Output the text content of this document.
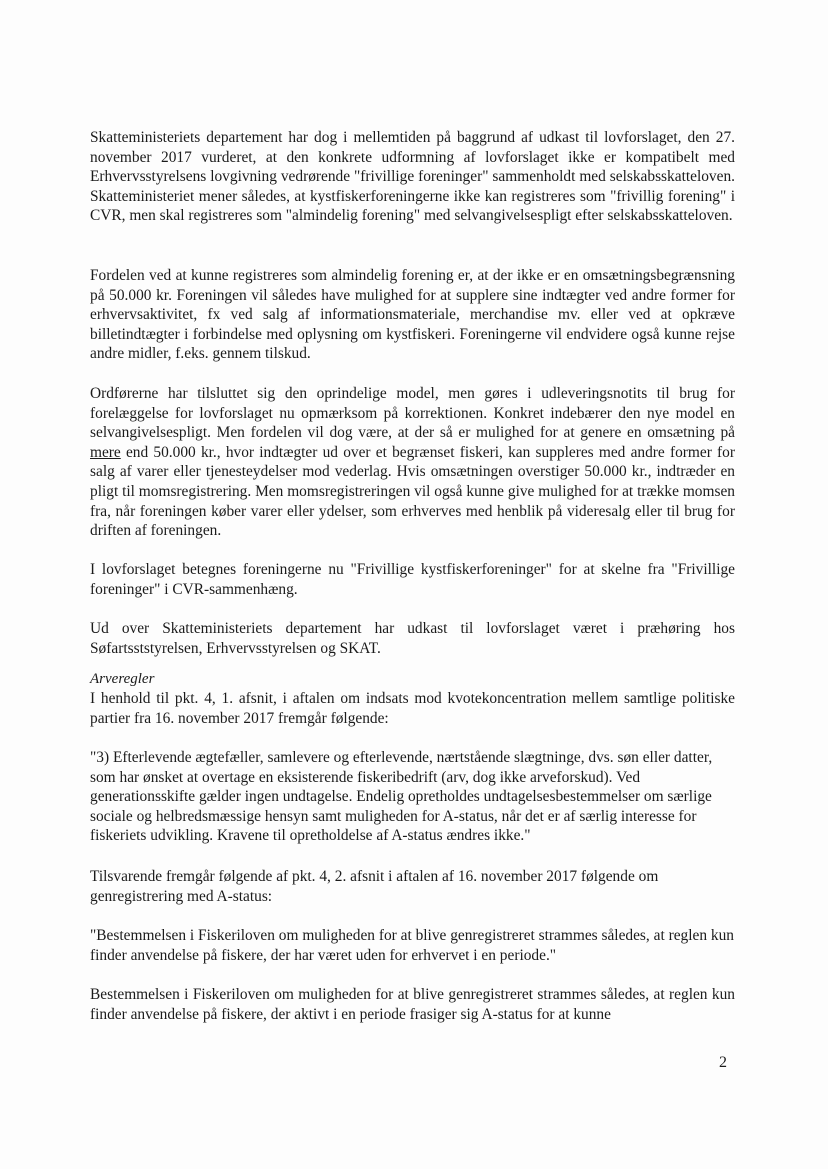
Skatteministeriets departement har dog i mellemtiden på baggrund af udkast til lovforslaget, den 27. november 2017 vurderet, at den konkrete udformning af lovforslaget ikke er kompatibelt med Erhvervsstyrelsens lovgivning vedrørende "frivillige foreninger" sammenholdt med selskabsskatteloven. Skatteministeriet mener således, at kystfiskerforeningerne ikke kan registreres som "frivillig forening" i CVR, men skal registreres som "almindelig forening" med selvangivelsespligt efter selskabsskatteloven.

Fordelen ved at kunne registreres som almindelig forening er, at der ikke er en omsætningsbegrænsning på 50.000 kr. Foreningen vil således have mulighed for at supplere sine indtægter ved andre former for erhvervsaktivitet, fx ved salg af informationsmateriale, merchandise mv. eller ved at opkræve billetindtægter i forbindelse med oplysning om kystfiskeri. Foreningerne vil endvidere også kunne rejse andre midler, f.eks. gennem tilskud.

Ordførerne har tilsluttet sig den oprindelige model, men gøres i udleveringsnotits til brug for forelæggelse for lovforslaget nu opmærksom på korrektionen. Konkret indebærer den nye model en selvangivelsespligt. Men fordelen vil dog være, at der så er mulighed for at genere en omsætning på mere end 50.000 kr., hvor indtægter ud over et begrænset fiskeri, kan suppleres med andre former for salg af varer eller tjenesteydelser mod vederlag. Hvis omsætningen overstiger 50.000 kr., indtræder en pligt til momsregistrering. Men momsregistreringen vil også kunne give mulighed for at trække momsen fra, når foreningen køber varer eller ydelser, som erhverves med henblik på videresalg eller til brug for driften af foreningen.

I lovforslaget betegnes foreningerne nu "Frivillige kystfiskerforeninger" for at skelne fra "Frivillige foreninger" i CVR-sammenhæng.

Ud over Skatteministeriets departement har udkast til lovforslaget været i præhøring hos Søfartsststyrelsen, Erhvervsstyrelsen og SKAT.

Arveregler

I henhold til pkt. 4, 1. afsnit, i aftalen om indsats mod kvotekoncentration mellem samtlige politiske partier fra 16. november 2017 fremgår følgende:

"3) Efterlevende ægtefæller, samlevere og efterlevende, nærtstående slægtninge, dvs. søn eller datter, som har ønsket at overtage en eksisterende fiskeribedrift (arv, dog ikke arveforskud). Ved generationsskifte gælder ingen undtagelse. Endelig opretholdes undtagelsesbestemmelser om særlige sociale og helbredsmæssige hensyn samt muligheden for A-status, når det er af særlig interesse for fiskeriets udvikling. Kravene til opretholdelse af A-status ændres ikke."

Tilsvarende fremgår følgende af pkt. 4, 2. afsnit i aftalen af 16. november 2017 følgende om genregistrering med A-status:

"Bestemmelsen i Fiskeriloven om muligheden for at blive genregistreret strammes således, at reglen kun finder anvendelse på fiskere, der har været uden for erhvervet i en periode."

Bestemmelsen i Fiskeriloven om muligheden for at blive genregistreret strammes således, at reglen kun finder anvendelse på fiskere, der aktivt i en periode frasiger sig A-status for at kunne

2
